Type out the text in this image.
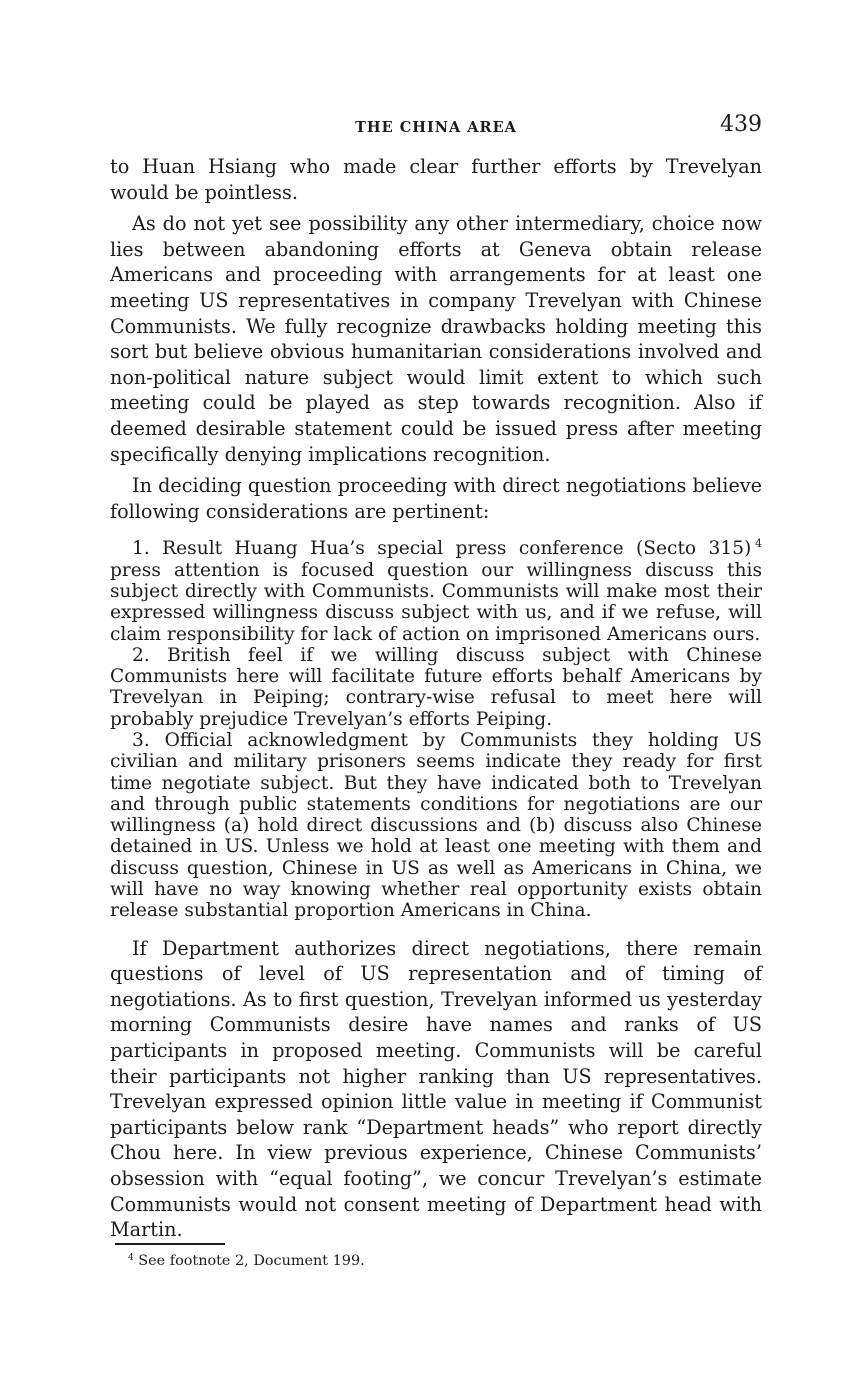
THE CHINA AREA	439

to Huan Hsiang who made clear further efforts by Trevelyan would be pointless.

As do not yet see possibility any other intermediary, choice now lies between abandoning efforts at Geneva obtain release Americans and proceeding with arrangements for at least one meeting US representatives in company Trevelyan with Chinese Communists. We fully recognize drawbacks holding meeting this sort but believe obvious humanitarian considerations involved and non-political nature subject would limit extent to which such meeting could be played as step towards recognition. Also if deemed desirable statement could be issued press after meeting specifically denying implications recognition.

In deciding question proceeding with direct negotiations believe following considerations are pertinent:

1. Result Huang Hua’s special press conference (Secto 315)  $^4$ press attention is focused question our willingness discuss this subject directly with Communists. Communists will make most their expressed willingness discuss subject with us, and if we refuse, will claim responsibility for lack of action on imprisoned Americans ours.

2. British feel if we willing discuss subject with Chinese Communists here will facilitate future efforts behalf Americans by Trevelyan in Peiping; contrary-wise refusal to meet here will probably prejudice Trevelyan’s efforts Peiping.

3. Official acknowledgment by Communists they holding US civilian and military prisoners seems indicate they ready for first time negotiate subject. But they have indicated both to Trevelyan and through public statements conditions for negotiations are our willingness (a) hold direct discussions and (b) discuss also Chinese detained in US. Unless we hold at least one meeting with them and discuss question, Chinese in US as well as Americans in China, we will have no way knowing whether real opportunity exists obtain release substantial proportion Americans in China.

If Department authorizes direct negotiations, there remain questions of level of US representation and of timing of negotiations. As to first question, Trevelyan informed us yesterday morning Communists desire have names and ranks of US participants in proposed meeting. Communists will be careful their participants not higher ranking than US representatives. Trevelyan expressed opinion little value in meeting if Communist participants below rank “Department heads” who report directly Chou here. In view previous experience, Chinese Communists’ obsession with “equal footing”, we concur Trevelyan’s estimate Communists would not consent meeting of Department head with Martin.

$^4$ See footnote 2, Document 199.
